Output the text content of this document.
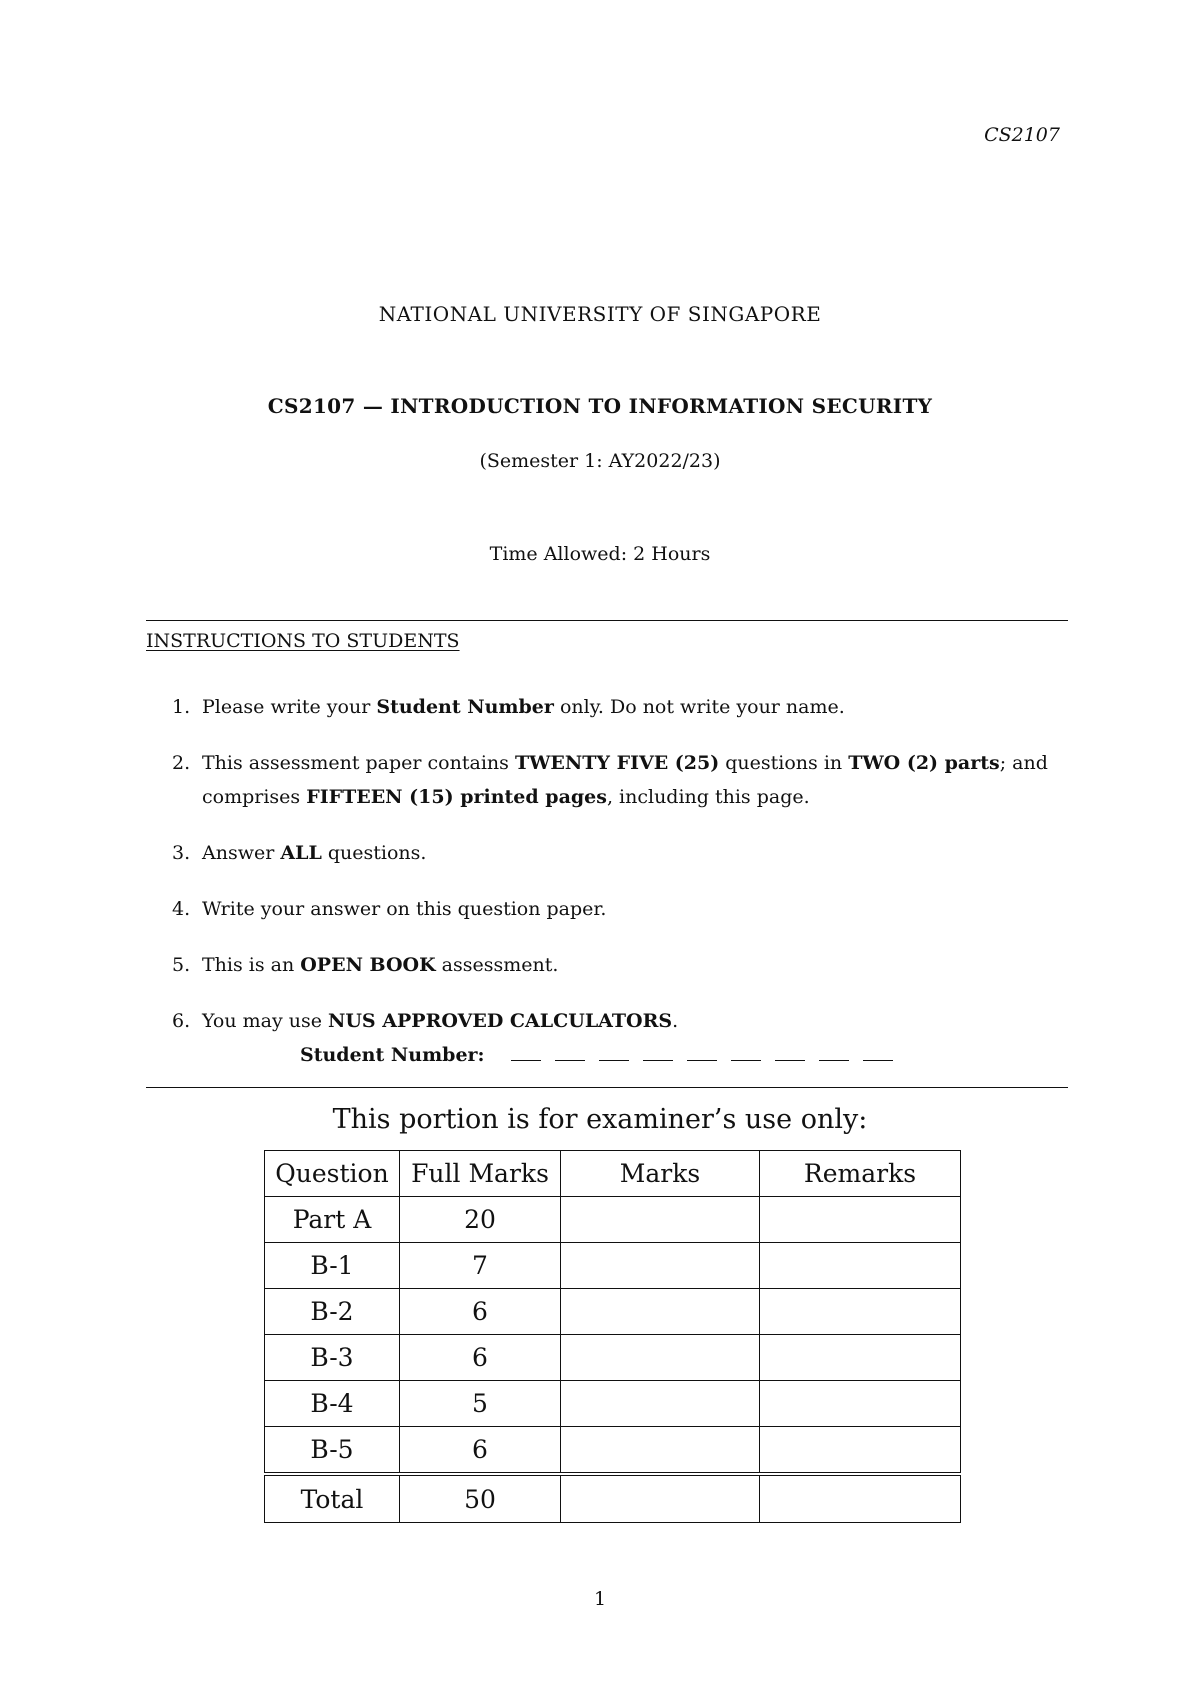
CS2107
NATIONAL UNIVERSITY OF SINGAPORE
CS2107 — INTRODUCTION TO INFORMATION SECURITY
(Semester 1: AY2022/23)
Time Allowed: 2 Hours
INSTRUCTIONS TO STUDENTS
1. Please write your Student Number only. Do not write your name.
2. This assessment paper contains TWENTY FIVE (25) questions in TWO (2) parts; and comprises FIFTEEN (15) printed pages, including this page.
3. Answer ALL questions.
4. Write your answer on this question paper.
5. This is an OPEN BOOK assessment.
6. You may use NUS APPROVED CALCULATORS.
Student Number:
This portion is for examiner’s use only:
Question	Full Marks	Marks	Remarks
Part A	20		
B-1	7		
B-2	6		
B-3	6		
B-4	5		
B-5	6		
Total	50		
1
